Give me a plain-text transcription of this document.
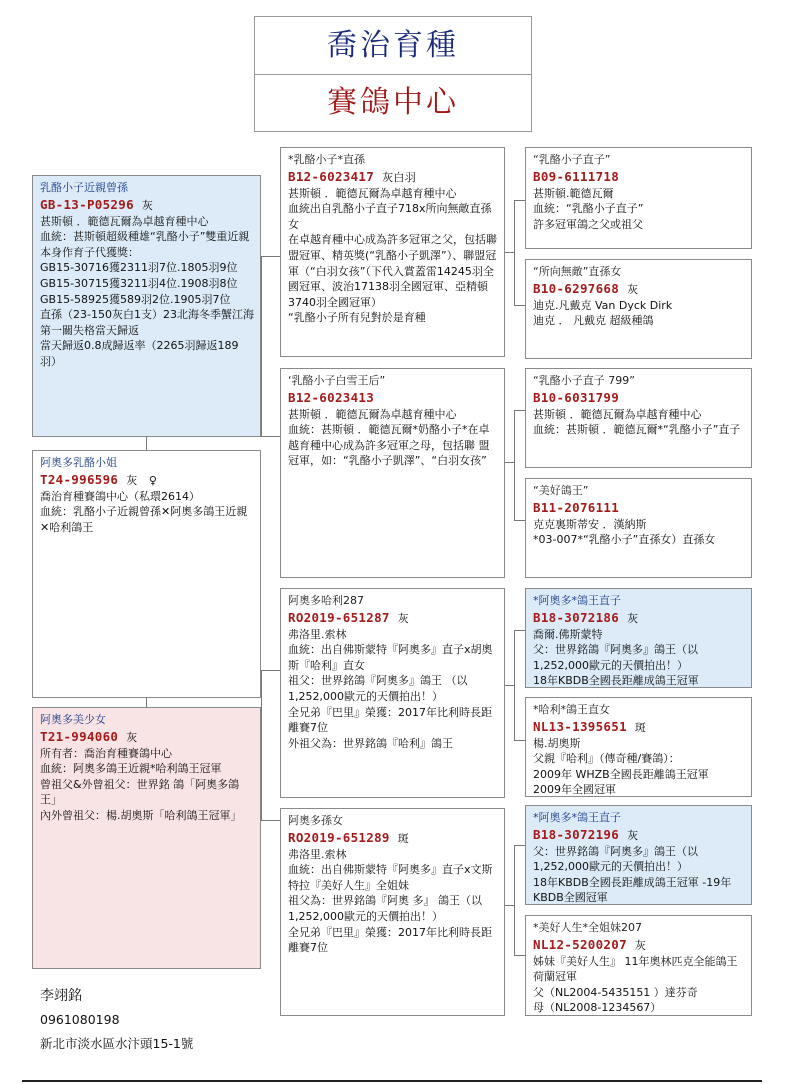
喬治育種
賽鴿中心
乳酪小子近親曾孫
GB-13-P05296 灰
甚斯頓 ．範德瓦爾為卓越育種中心
血統：甚斯頓超級種雄“乳酪小子”雙重近親
本身作育子代獲獎：
GB15-30716獲2311羽7位.1805羽9位
GB15-30715獲3211羽4位.1908羽8位
GB15-58925獲589羽2位.1905羽7位
直孫（23-150灰白1支）23北海冬季蟹江海第一關失格當天歸返
當天歸返0.8成歸返率（2265羽歸返189羽）
阿奧多乳酪小姐
T24-996596 灰　♀
喬治育種賽鴿中心（私環2614）
血統：乳酪小子近親曾孫✕阿奧多鴿王近親✕哈利鴿王
阿奧多美少女
T21-994060 灰
所有者：喬治育種賽鴿中心
血統：阿奧多鴿王近親*哈利鴿王冠軍
曾祖父&外曾祖父：世界銘 鴿「阿奧多鴿王」
內外曾祖父：楊.胡奧斯「哈利鴿王冠軍」
*乳酪小子*直孫
B12-6023417 灰白羽
甚斯頓 ．範德瓦爾為卓越育種中心
血統出自乳酪小子直子718x所向無敵直孫女
在卓越育種中心成為許多冠軍之父，包括聯 盟冠軍、精英獎(“乳酪小子凱澤”）、聯盟冠 軍（“白羽女孩”（下代入賞蓋雷14245羽全國冠軍、波治17138羽全國冠軍、亞精頓3740羽全國冠軍）
“乳酪小子所有兒對於是育種
‘乳酪小子白雪王后”
B12-6023413
甚斯頓 ．範德瓦爾為卓越育種中心
血統：甚斯頓 ．範德瓦爾*奶酪小子*在卓越育種中心成為許多冠軍之母，包括聯 盟冠軍，如：“乳酪小子凱澤”、“白羽女孩”
阿奧多哈利287
RO2019-651287 灰
弗洛里.索林
血統：出自佛斯蒙特『阿奧多』直子x胡奧斯『哈利』直女
祖父：世界銘鴿『阿奧多』鴿王 （以1,252,000歐元的天價拍出！）
全兄弟『巴里』榮獲：2017年比利時長距離賽7位
外祖父為：世界銘鴿『哈利』鴿王
阿奧多孫女
RO2019-651289 斑
弗洛里.索林
血統：出自佛斯蒙特『阿奧多』直子x文斯特拉『美好人生』全姐妹
祖父為：世界銘鴿『阿奧 多』 鴿王（以1,252,000歐元的天價拍出！）
全兄弟『巴里』榮獲：2017年比利時長距離賽7位
“乳酪小子直子”
B09-6111718
甚斯頓.範德瓦爾
血統：“乳酪小子直子”
許多冠軍鴿之父或祖父
“所向無敵”直孫女
B10-6297668 灰
迪克.凡戴克 Van Dyck Dirk
迪克 ． 凡戴克 超級種鴿
“乳酪小子直子 799”
B10-6031799
甚斯頓 ．範德瓦爾為卓越育種中心
血統：甚斯頓 ．範德瓦爾*“乳酪小子”直子
“美好鴿王”
B11-2076111
克克裏斯蒂安 ．漢納斯
*03-007*“乳酪小子”直孫女）直孫女
*阿奧多*鴿王直子
B18-3072186 灰
喬爾.佛斯蒙特
父：世界銘鴿『阿奧多』鴿王（以1,252,000歐元的天價拍出！）
18年KBDB全國長距離成鴿王冠軍
*哈利*鴿王直女
NL13-1395651 斑
楊.胡奧斯
父親『哈利』（傳奇種/賽鴿）：
2009年 WHZB全國長距離鴿王冠軍
2009年全國冠軍
*阿奧多*鴿王直子
B18-3072196 灰
父：世界銘鴿『阿奧多』鴿王（以1,252,000歐元的天價拍出！）
18年KBDB全國長距離成鴿王冠軍 -19年KBDB全國冠軍
*美好人生*全姐妹207
NL12-5200207 灰
姊妹『美好人生』 11年奧林匹克全能鴿王荷蘭冠軍
父（NL2004-5435151 ）達芬奇
母（NL2008-1234567）
李翊銘
0961080198
新北市淡水區水汴頭15-1號
